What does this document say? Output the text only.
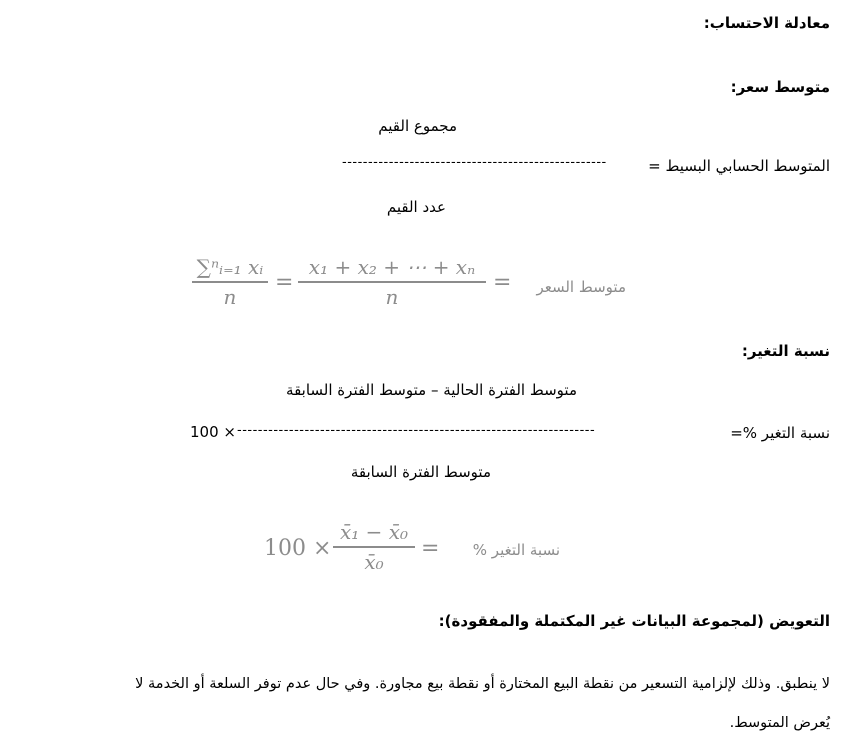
معادلة الاحتساب:
متوسط سعر:
مجموع القيم
المتوسط الحسابي البسيط =
---------------------------------------------------
عدد القيم
∑ⁿᵢ₌₁ xᵢ
n
=
x₁ + x₂ + ⋯ + xₙ
n
= متوسط السعر
نسبة التغير:
متوسط الفترة الحالية – متوسط الفترة السابقة
نسبة التغير %=
---------------------------------------------------------------------
100 ×
متوسط الفترة السابقة
100 ×
x̄₁ − x̄₀
x̄₀
= نسبة التغير %
التعويض (لمجموعة البيانات غير المكتملة والمفقودة):
لا ينطبق. وذلك لإلزامية التسعير من نقطة البيع المختارة أو نقطة بيع مجاورة. وفي حال عدم توفر السلعة أو الخدمة لا
يُعرض المتوسط.
